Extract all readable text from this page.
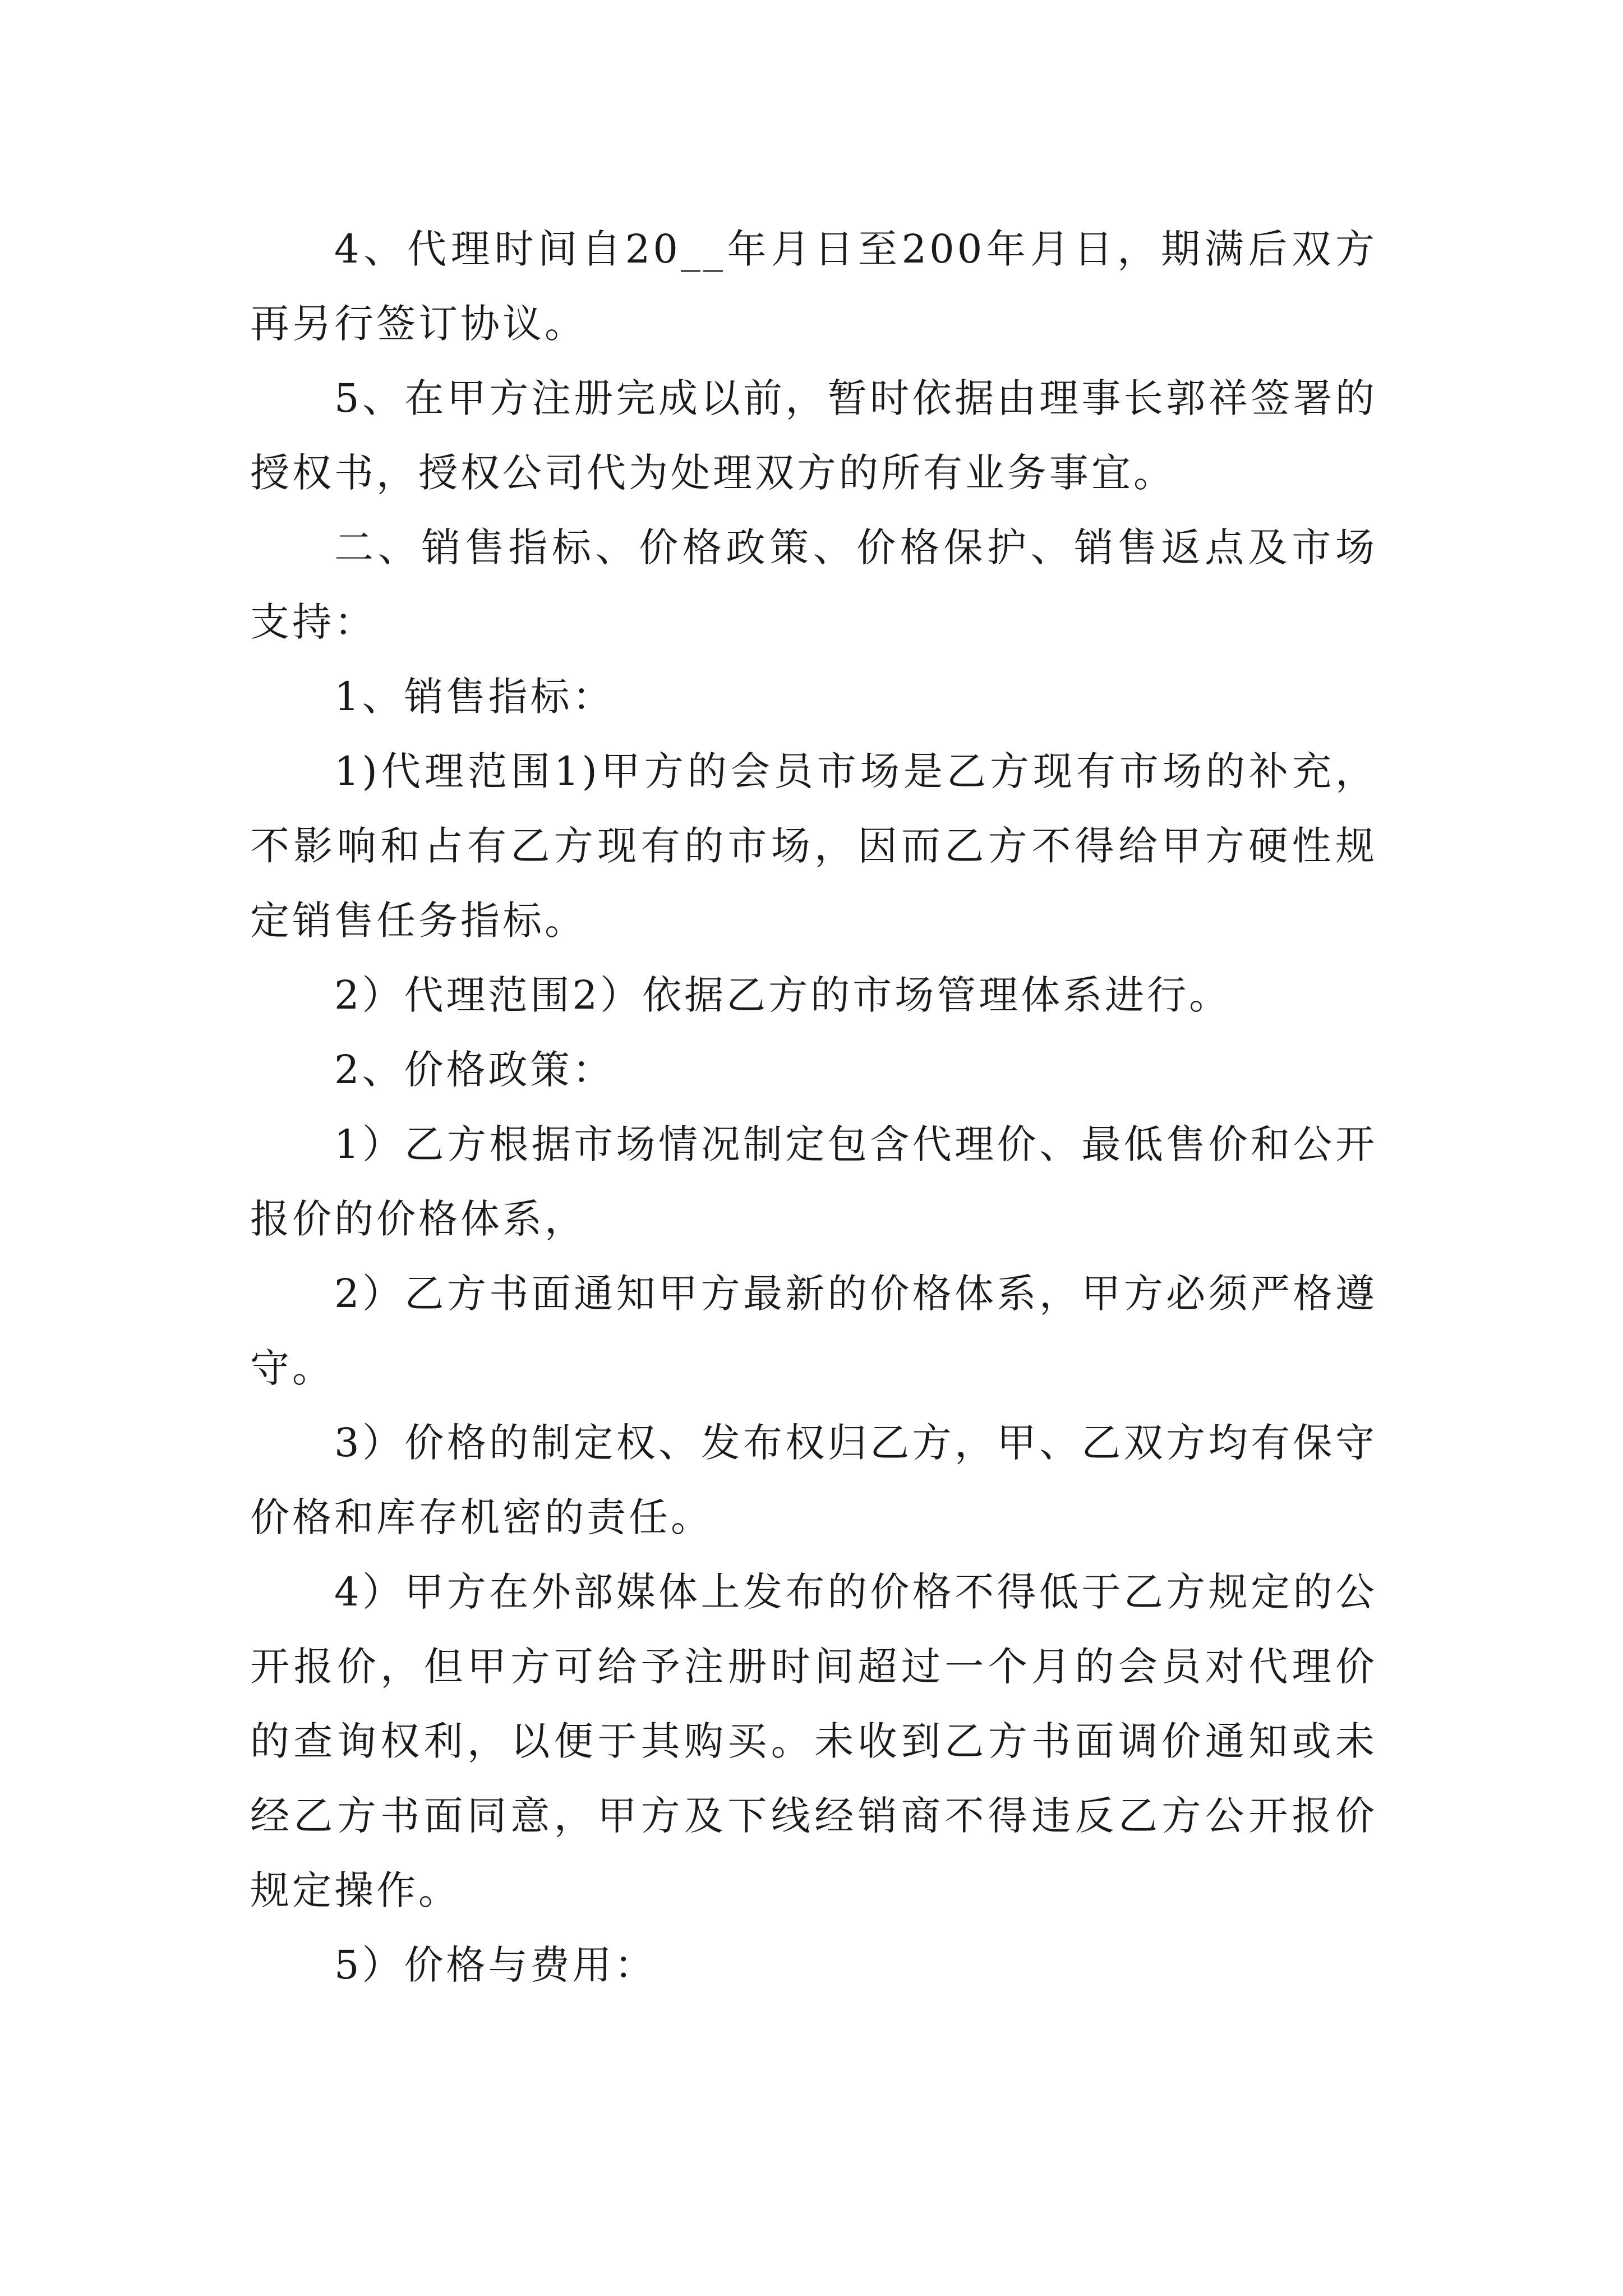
4、代理时间自20__年月日至200年月日，期满后双方再另行签订协议。

5、在甲方注册完成以前，暂时依据由理事长郭祥签署的授权书，授权公司代为处理双方的所有业务事宜。

二、销售指标、价格政策、价格保护、销售返点及市场支持：

1、销售指标：

1)代理范围1)甲方的会员市场是乙方现有市场的补充，不影响和占有乙方现有的市场，因而乙方不得给甲方硬性规定销售任务指标。

2）代理范围2）依据乙方的市场管理体系进行。

2、价格政策：

1）乙方根据市场情况制定包含代理价、最低售价和公开报价的价格体系，

2）乙方书面通知甲方最新的价格体系，甲方必须严格遵守。

3）价格的制定权、发布权归乙方，甲、乙双方均有保守价格和库存机密的责任。

4）甲方在外部媒体上发布的价格不得低于乙方规定的公开报价，但甲方可给予注册时间超过一个月的会员对代理价的查询权利，以便于其购买。未收到乙方书面调价通知或未经乙方书面同意，甲方及下线经销商不得违反乙方公开报价规定操作。

5）价格与费用：
